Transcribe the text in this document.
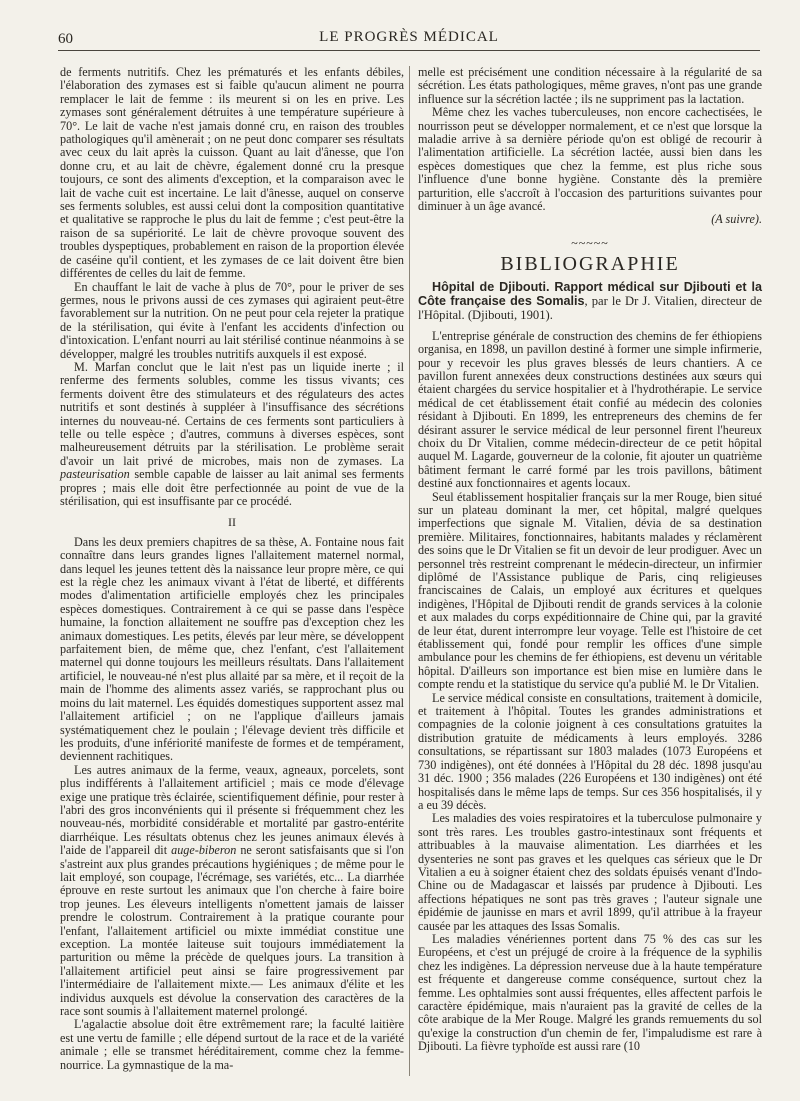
60	LE PROGRÈS MÉDICAL

de ferments nutritifs. Chez les prématurés et les enfants débiles, l'élaboration des zymases est si faible qu'aucun aliment ne pourra remplacer le lait de femme : ils meurent si on les en prive. Les zymases sont généralement détruites à une température supérieure à 70°. Le lait de vache n'est jamais donné cru, en raison des troubles pathologiques qu'il amènerait ; on ne peut donc comparer ses résultats avec ceux du lait après la cuisson. Quant au lait d'ânesse, que l'on donne cru, et au lait de chèvre, également donné cru la presque toujours, ce sont des aliments d'exception, et la comparaison avec le lait de vache cuit est incertaine. Le lait d'ânesse, auquel on conserve ses ferments solubles, est aussi celui dont la composition quantitative et qualitative se rapproche le plus du lait de femme ; c'est peut-être la raison de sa supériorité. Le lait de chèvre provoque souvent des troubles dyspeptiques, probablement en raison de la proportion élevée de caséine qu'il contient, et les zymases de ce lait doivent être bien différentes de celles du lait de femme.

En chauffant le lait de vache à plus de 70°, pour le priver de ses germes, nous le privons aussi de ces zymases qui agiraient peut-être favorablement sur la nutrition. On ne peut pour cela rejeter la pratique de la stérilisation, qui évite à l'enfant les accidents d'infection ou d'intoxication. L'enfant nourri au lait stérilisé continue néanmoins à se développer, malgré les troubles nutritifs auxquels il est exposé.

M. Marfan conclut que le lait n'est pas un liquide inerte ; il renferme des ferments solubles, comme les tissus vivants; ces ferments doivent être des stimulateurs et des régulateurs des actes nutritifs et sont destinés à suppléer à l'insuffisance des sécrétions internes du nouveau-né. Certains de ces ferments sont particuliers à telle ou telle espèce ; d'autres, communs à diverses espèces, sont malheureusement détruits par la stérilisation. Le problème serait d'avoir un lait privé de microbes, mais non de zymases. La pasteurisation semble capable de laisser au lait animal ses ferments propres ; mais elle doit être perfectionnée au point de vue de la stérilisation, qui est insuffisante par ce procédé.

II

Dans les deux premiers chapitres de sa thèse, A. Fontaine nous fait connaître dans leurs grandes lignes l'allaitement maternel normal, dans lequel les jeunes tettent dès la naissance leur propre mère, ce qui est la règle chez les animaux vivant à l'état de liberté, et différents modes d'alimentation artificielle employés chez les principales espèces domestiques. Contrairement à ce qui se passe dans l'espèce humaine, la fonction allaitement ne souffre pas d'exception chez les animaux domestiques. Les petits, élevés par leur mère, se développent parfaitement bien, de même que, chez l'enfant, c'est l'allaitement maternel qui donne toujours les meilleurs résultats. Dans l'allaitement artificiel, le nouveau-né n'est plus allaité par sa mère, et il reçoit de la main de l'homme des aliments assez variés, se rapprochant plus ou moins du lait maternel. Les équidés domestiques supportent assez mal l'allaitement artificiel ; on ne l'applique d'ailleurs jamais systématiquement chez le poulain ; l'élevage devient très difficile et les produits, d'une infériorité manifeste de formes et de tempérament, deviennent rachitiques.

Les autres animaux de la ferme, veaux, agneaux, porcelets, sont plus indifférents à l'allaitement artificiel ; mais ce mode d'élevage exige une pratique très éclairée, scientifiquement définie, pour rester à l'abri des gros inconvénients qui il présente si fréquemment chez les nouveau-nés, morbidité considérable et mortalité par gastro-entérite diarrhéique. Les résultats obtenus chez les jeunes animaux élevés à l'aide de l'appareil dit auge-biberon ne seront satisfaisants que si l'on s'astreint aux plus grandes précautions hygiéniques ; de même pour le lait employé, son coupage, l'écrémage, ses variétés, etc... La diarrhée éprouve en reste surtout les animaux que l'on cherche à faire boire trop jeunes. Les éleveurs intelligents n'omettent jamais de laisser prendre le colostrum. Contrairement à la pratique courante pour l'enfant, l'allaitement artificiel ou mixte immédiat constitue une exception. La montée laiteuse suit toujours immédiatement la parturition ou même la précède de quelques jours. La transition à l'allaitement artificiel peut ainsi se faire progressivement par l'intermédiaire de l'allaitement mixte.— Les animaux d'élite et les individus auxquels est dévolue la conservation des caractères de la race sont soumis à l'allaitement maternel prolongé.

L'agalactie absolue doit être extrêmement rare; la faculté laitière est une vertu de famille ; elle dépend surtout de la race et de la variété animale ; elle se transmet héréditairement, comme chez la femme-nourrice. La gymnastique de la ma-

melle est précisément une condition nécessaire à la régularité de sa sécrétion. Les états pathologiques, même graves, n'ont pas une grande influence sur la sécrétion lactée ; ils ne suppriment pas la lactation.

Même chez les vaches tuberculeuses, non encore cachectisées, le nourrisson peut se développer normalement, et ce n'est que lorsque la maladie arrive à sa dernière période qu'on est obligé de recourir à l'alimentation artificielle. La sécrétion lactée, aussi bien dans les espèces domestiques que chez la femme, est plus riche sous l'influence d'une bonne hygiène. Constante dès la première parturition, elle s'accroît à l'occasion des parturitions suivantes pour diminuer à un âge avancé.

(A suivre).
~~~~~
BIBLIOGRAPHIE
Hôpital de Djibouti. Rapport médical sur Djibouti et la Côte française des Somalis, par le Dr J. Vitalien, directeur de l'Hôpital. (Djibouti, 1901).

L'entreprise générale de construction des chemins de fer éthiopiens organisa, en 1898, un pavillon destiné à former une simple infirmerie, pour y recevoir les plus graves blessés de leurs chantiers. A ce pavillon furent annexées deux constructions destinées aux sœurs qui étaient chargées du service hospitalier et à l'hydrothérapie. Le service médical de cet établissement était confié au médecin des colonies résidant à Djibouti. En 1899, les entrepreneurs des chemins de fer désirant assurer le service médical de leur personnel firent l'heureux choix du Dr Vitalien, comme médecin-directeur de ce petit hôpital auquel M. Lagarde, gouverneur de la colonie, fit ajouter un quatrième bâtiment fermant le carré formé par les trois pavillons, bâtiment destiné aux fonctionnaires et agents locaux.

Seul établissement hospitalier français sur la mer Rouge, bien situé sur un plateau dominant la mer, cet hôpital, malgré quelques imperfections que signale M. Vitalien, dévia de sa destination première. Militaires, fonctionnaires, habitants malades y réclamèrent des soins que le Dr Vitalien se fit un devoir de leur prodiguer. Avec un personnel très restreint comprenant le médecin-directeur, un infirmier diplômé de l'Assistance publique de Paris, cinq religieuses franciscaines de Calais, un employé aux écritures et quelques indigènes, l'Hôpital de Djibouti rendit de grands services à la colonie et aux malades du corps expéditionnaire de Chine qui, par la gravité de leur état, durent interrompre leur voyage. Telle est l'histoire de cet établissement qui, fondé pour remplir les offices d'une simple ambulance pour les chemins de fer éthiopiens, est devenu un véritable hôpital. D'ailleurs son importance est bien mise en lumière dans le compte rendu et la statistique du service qu'a publié M. le Dr Vitalien.

Le service médical consiste en consultations, traitement à domicile, et traitement à l'hôpital. Toutes les grandes administrations et compagnies de la colonie joignent à ces consultations gratuites la distribution gratuite de médicaments à leurs employés. 3286 consultations, se répartissant sur 1803 malades (1073 Européens et 730 indigènes), ont été données à l'Hôpital du 28 déc. 1898 jusqu'au 31 déc. 1900 ; 356 malades (226 Européens et 130 indigènes) ont été hospitalisés dans le même laps de temps. Sur ces 356 hospitalisés, il y a eu 39 décès.

Les maladies des voies respiratoires et la tuberculose pulmonaire y sont très rares. Les troubles gastro-intestinaux sont fréquents et attribuables à la mauvaise alimentation. Les diarrhées et les dysenteries ne sont pas graves et les quelques cas sérieux que le Dr Vitalien a eu à soigner étaient chez des soldats épuisés venant d'Indo-Chine ou de Madagascar et laissés par prudence à Djibouti. Les affections hépatiques ne sont pas très graves ; l'auteur signale une épidémie de jaunisse en mars et avril 1899, qu'il attribue à la frayeur causée par les attaques des Issas Somalis.

Les maladies vénériennes portent dans 75 % des cas sur les Européens, et c'est un préjugé de croire à la fréquence de la syphilis chez les indigènes. La dépression nerveuse due à la haute température est fréquente et dangereuse comme conséquence, surtout chez la femme. Les ophtalmies sont aussi fréquentes, elles affectent parfois le caractère épidémique, mais n'auraient pas la gravité de celles de la côte arabique de la Mer Rouge. Malgré les grands remuements du sol qu'exige la construction d'un chemin de fer, l'impaludisme est rare à Djibouti. La fièvre typhoïde est aussi rare (10
